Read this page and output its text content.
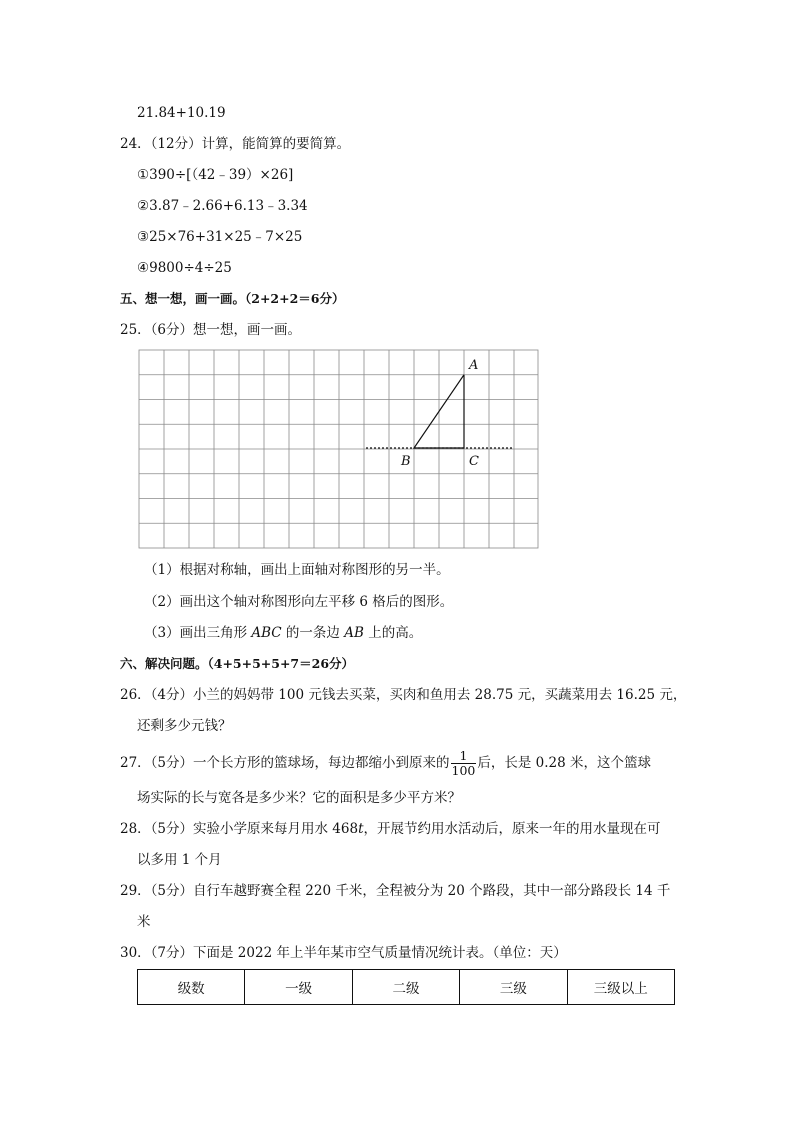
21.84+10.19
24．（12分）计算，能简算的要简算。
①390÷[（42﹣39）×26]
②3.87﹣2.66+6.13﹣3.34
③25×76+31×25﹣7×25
④9800÷4÷25
五、想一想，画一画。（2+2+2＝6分）
25．（6分）想一想，画一画。
A
B	C
（1）根据对称轴，画出上面轴对称图形的另一半。
（2）画出这个轴对称图形向左平移 6 格后的图形。
（3）画出三角形 ABC 的一条边 AB 上的高。
六、解决问题。（4+5+5+5+7＝26分）
26．（4分）小兰的妈妈带 100 元钱去买菜，买肉和鱼用去 28.75 元，买蔬菜用去 16.25 元，
还剩多少元钱？
27．（5分）一个长方形的篮球场，每边都缩小到原来的 $\frac{1}{100}$ 后，长是 0.28 米，这个篮球
场实际的长与宽各是多少米？它的面积是多少平方米？
28．（5分）实验小学原来每月用水 468t，开展节约用水活动后，原来一年的用水量现在可
以多用 1 个月
29．（5分）自行车越野赛全程 220 千米，全程被分为 20 个路段，其中一部分路段长 14 千
米
30．（7分）下面是 2022 年上半年某市空气质量情况统计表。（单位：天）
级数	一级	二级	三级	三级以上
